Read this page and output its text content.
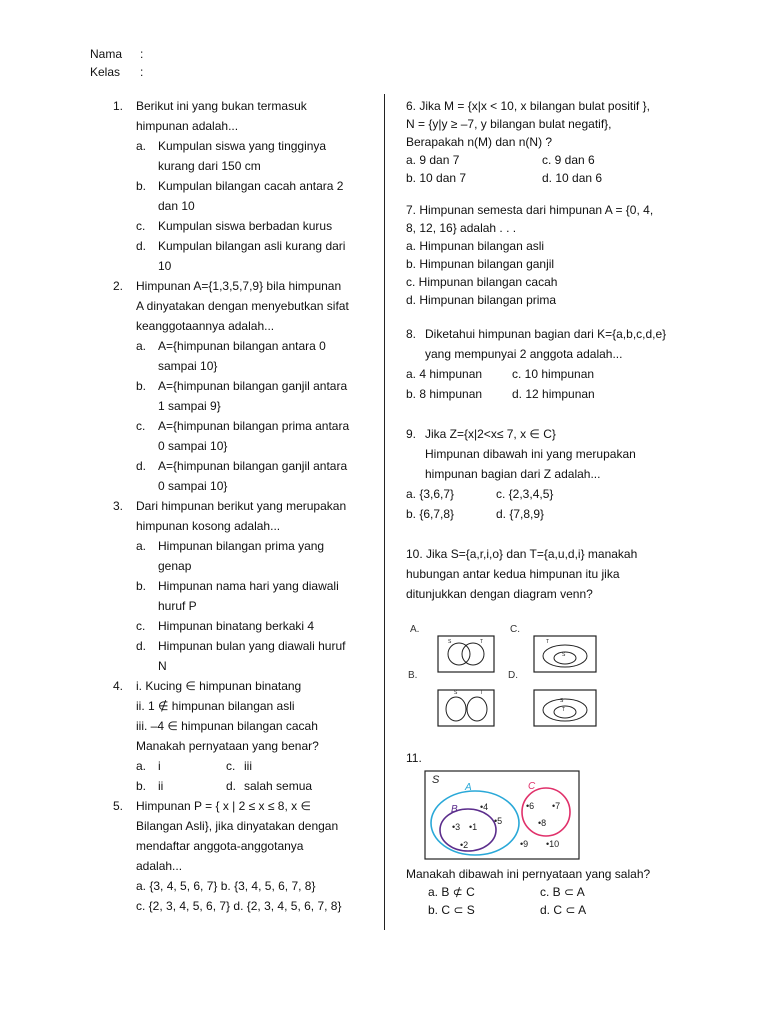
Nama :
Kelas :
1. Berikut ini yang bukan termasuk
himpunan adalah...
a. Kumpulan siswa yang tingginya
kurang dari 150 cm
b. Kumpulan bilangan cacah antara 2
dan 10
c. Kumpulan siswa berbadan kurus
d. Kumpulan bilangan asli kurang dari
10
2. Himpunan A={1,3,5,7,9} bila himpunan
A dinyatakan dengan menyebutkan sifat
keanggotaannya adalah...
a. A={himpunan bilangan antara 0
sampai 10}
b. A={himpunan bilangan ganjil antara
1 sampai 9}
c. A={himpunan bilangan prima antara
0 sampai 10}
d. A={himpunan bilangan ganjil antara
0 sampai 10}
3. Dari himpunan berikut yang merupakan
himpunan kosong adalah...
a. Himpunan bilangan prima yang
genap
b. Himpunan nama hari yang diawali
huruf P
c. Himpunan binatang berkaki 4
d. Himpunan bulan yang diawali huruf
N
4. i. Kucing ∈ himpunan binatang
ii. 1 ∉ himpunan bilangan asli
iii. –4 ∈ himpunan bilangan cacah
Manakah pernyataan yang benar?
a. i	c. iii
b. ii	d. salah semua
5. Himpunan P = { x | 2 ≤ x ≤ 8, x ∈
Bilangan Asli}, jika dinyatakan dengan
mendaftar anggota-anggotanya
adalah...
a. {3, 4, 5, 6, 7} b. {3, 4, 5, 6, 7, 8}
c. {2, 3, 4, 5, 6, 7} d. {2, 3, 4, 5, 6, 7, 8}
6. Jika M = {x|x < 10, x bilangan bulat positif },
N = {y|y ≥ –7, y bilangan bulat negatif},
Berapakah n(M) dan n(N) ?
a. 9 dan 7	c. 9 dan 6
b. 10 dan 7	d. 10 dan 6
7. Himpunan semesta dari himpunan A = {0, 4,
8, 12, 16} adalah . . .
a. Himpunan bilangan asli
b. Himpunan bilangan ganjil
c. Himpunan bilangan cacah
d. Himpunan bilangan prima
8. Diketahui himpunan bagian dari K={a,b,c,d,e}
yang mempunyai 2 anggota adalah...
a. 4 himpunan c. 10 himpunan
b. 8 himpunan d. 12 himpunan
9. Jika Z={x|2<x≤ 7, x ∈ C}
Himpunan dibawah ini yang merupakan
himpunan bagian dari Z adalah...
a. {3,6,7}	c. {2,3,4,5}
b. {6,7,8}	d. {7,8,9}
10. Jika S={a,r,i,o} dan T={a,u,d,i} manakah
hubungan antar kedua himpunan itu jika
ditunjukkan dengan diagram venn?
A.	C.
B.	D.
S	T	T
S
S	T
S
T
11.
S
A
B
C
•4
•5
•3 •1
•2
•6 •7
•8
•9 •10
Manakah dibawah ini pernyataan yang salah?
a. B ⊄ C	c. B ⊂ A
b. C ⊂ S	d. C ⊂ A
